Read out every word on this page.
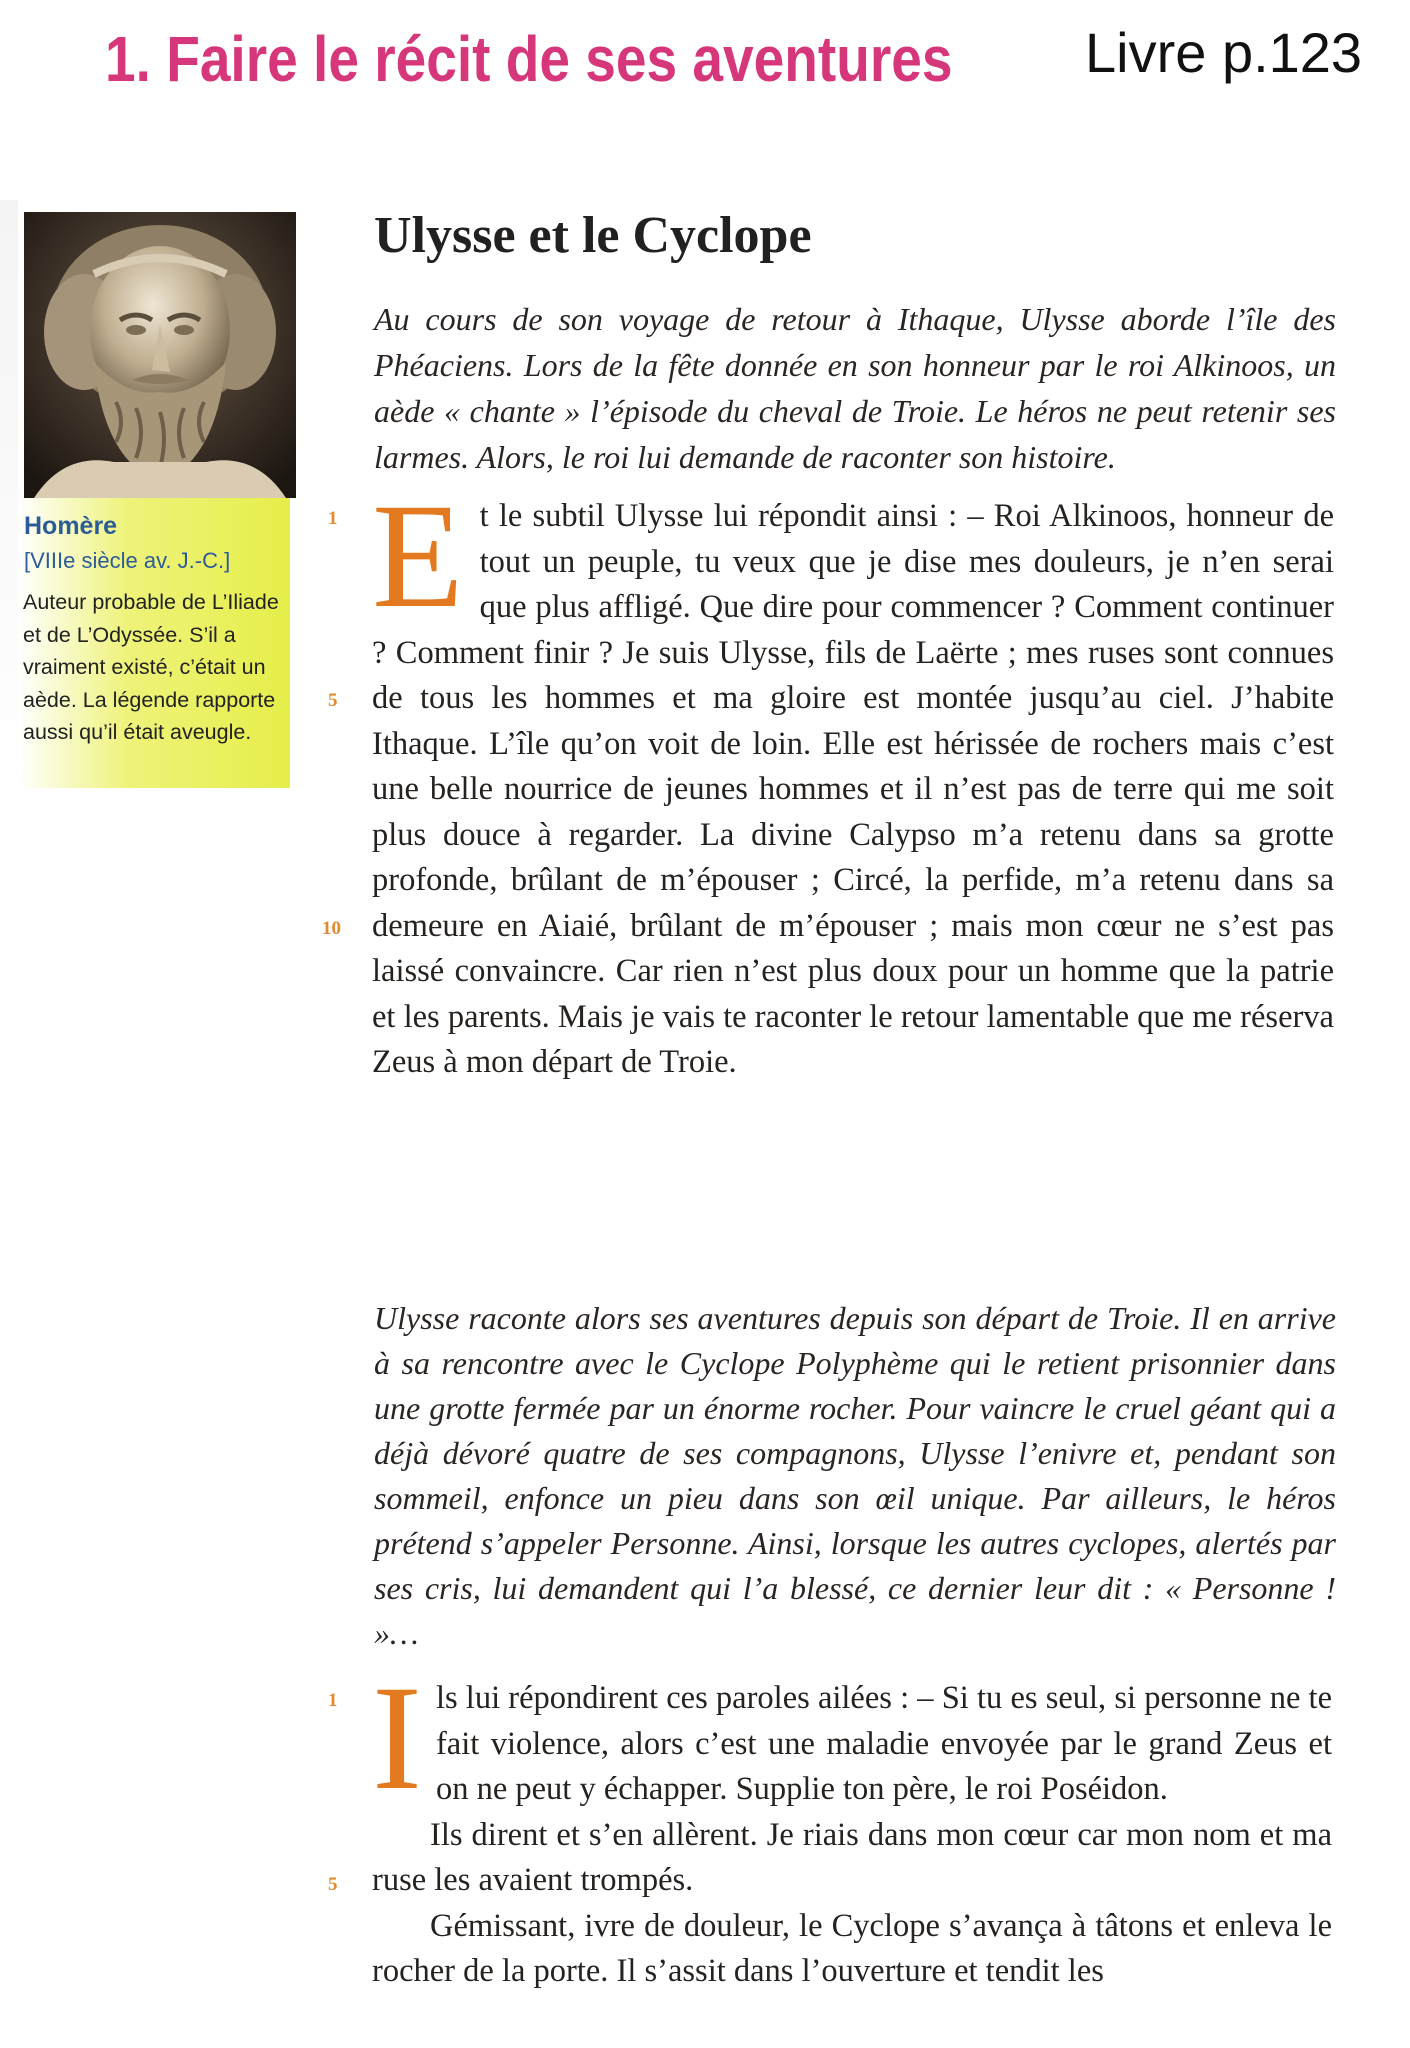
1. Faire le récit de ses aventures Livre p.123
Homère
[VIIIe siècle av. J.-C.]
Auteur probable de L’Iliade et de L’Odyssée. S’il a vraiment existé, c’était un aède. La légende rapporte aussi qu’il était aveugle.
Ulysse et le Cyclope
Au cours de son voyage de retour à Ithaque, Ulysse aborde l’île des Phéaciens. Lors de la fête donnée en son honneur par le roi Alkinoos, un aède « chante » l’épisode du cheval de Troie. Le héros ne peut retenir ses larmes. Alors, le roi lui demande de raconter son histoire.
1
5
10
E t le subtil Ulysse lui répondit ainsi : – Roi Alkinoos, honneur de tout un peuple, tu veux que je dise mes douleurs, je n’en serai que plus affligé. Que dire pour commencer ? Comment continuer ? Comment finir ? Je suis Ulysse, fils de Laërte ; mes ruses sont connues de tous les hommes et ma gloire est montée jusqu’au ciel. J’habite Ithaque. L’île qu’on voit de loin. Elle est hérissée de rochers mais c’est une belle nourrice de jeunes hommes et il n’est pas de terre qui me soit plus douce à regarder. La divine Calypso m’a retenu dans sa grotte profonde, brûlant de m’épouser ; Circé, la perfide, m’a retenu dans sa demeure en Aiaié, brûlant de m’épouser ; mais mon cœur ne s’est pas laissé convaincre. Car rien n’est plus doux pour un homme que la patrie et les parents. Mais je vais te raconter le retour lamentable que me réserva Zeus à mon départ de Troie.
Ulysse raconte alors ses aventures depuis son départ de Troie. Il en arrive à sa rencontre avec le Cyclope Polyphème qui le retient prisonnier dans une grotte fermée par un énorme rocher. Pour vaincre le cruel géant qui a déjà dévoré quatre de ses compagnons, Ulysse l’enivre et, pendant son sommeil, enfonce un pieu dans son œil unique. Par ailleurs, le héros prétend s’appeler Personne. Ainsi, lorsque les autres cyclopes, alertés par ses cris, lui demandent qui l’a blessé, ce dernier leur dit : « Personne ! »…
1
5

I ls lui répondirent ces paroles ailées : – Si tu es seul, si personne ne te fait violence, alors c’est une maladie envoyée par le grand Zeus et on ne peut y échapper. Supplie ton père, le roi Poséidon.

Ils dirent et s’en allèrent. Je riais dans mon cœur car mon nom et ma ruse les avaient trompés.

Gémissant, ivre de douleur, le Cyclope s’avança à tâtons et enleva le rocher de la porte. Il s’assit dans l’ouverture et tendit les
